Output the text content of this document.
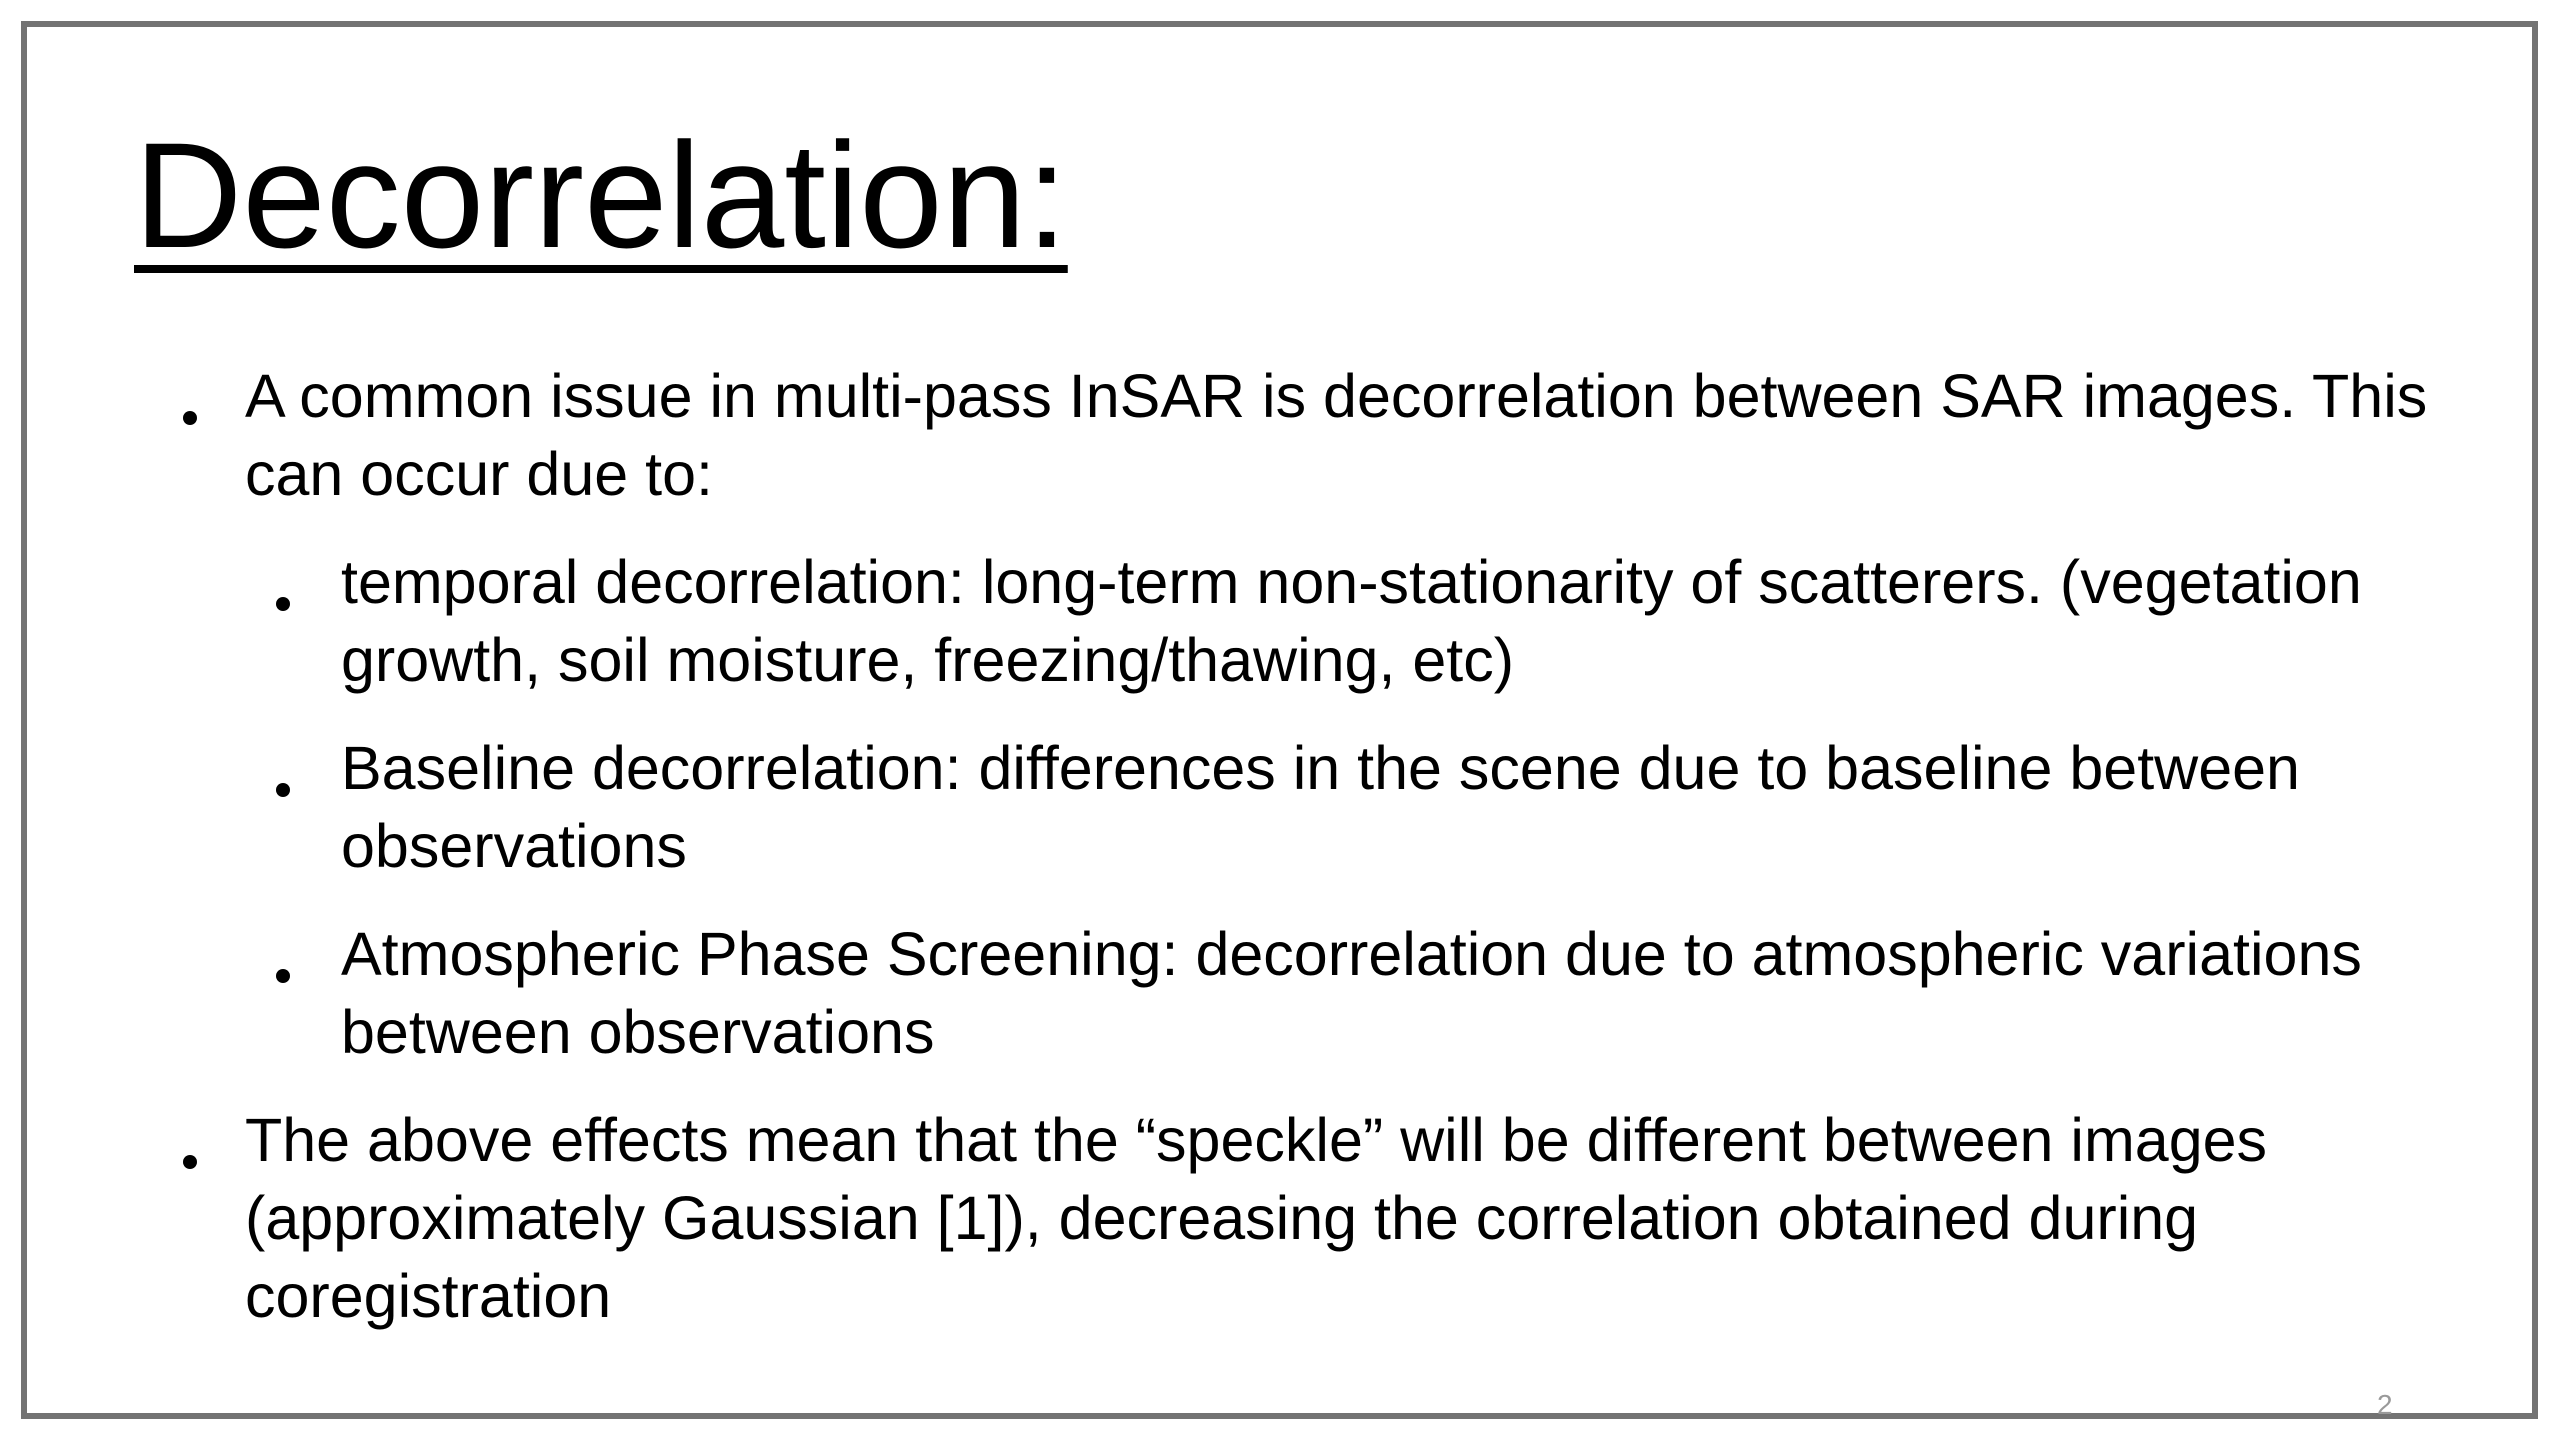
Decorrelation:
A common issue in multi-pass InSAR is decorrelation between SAR images. This can occur due to:
temporal decorrelation: long-term non-stationarity of scatterers. (vegetation growth, soil moisture, freezing/thawing, etc)
Baseline decorrelation: differences in the scene due to baseline between observations
Atmospheric Phase Screening: decorrelation due to atmospheric variations between observations
The above effects mean that the “speckle” will be different between images (approximately Gaussian [1]), decreasing the correlation obtained during coregistration
2
